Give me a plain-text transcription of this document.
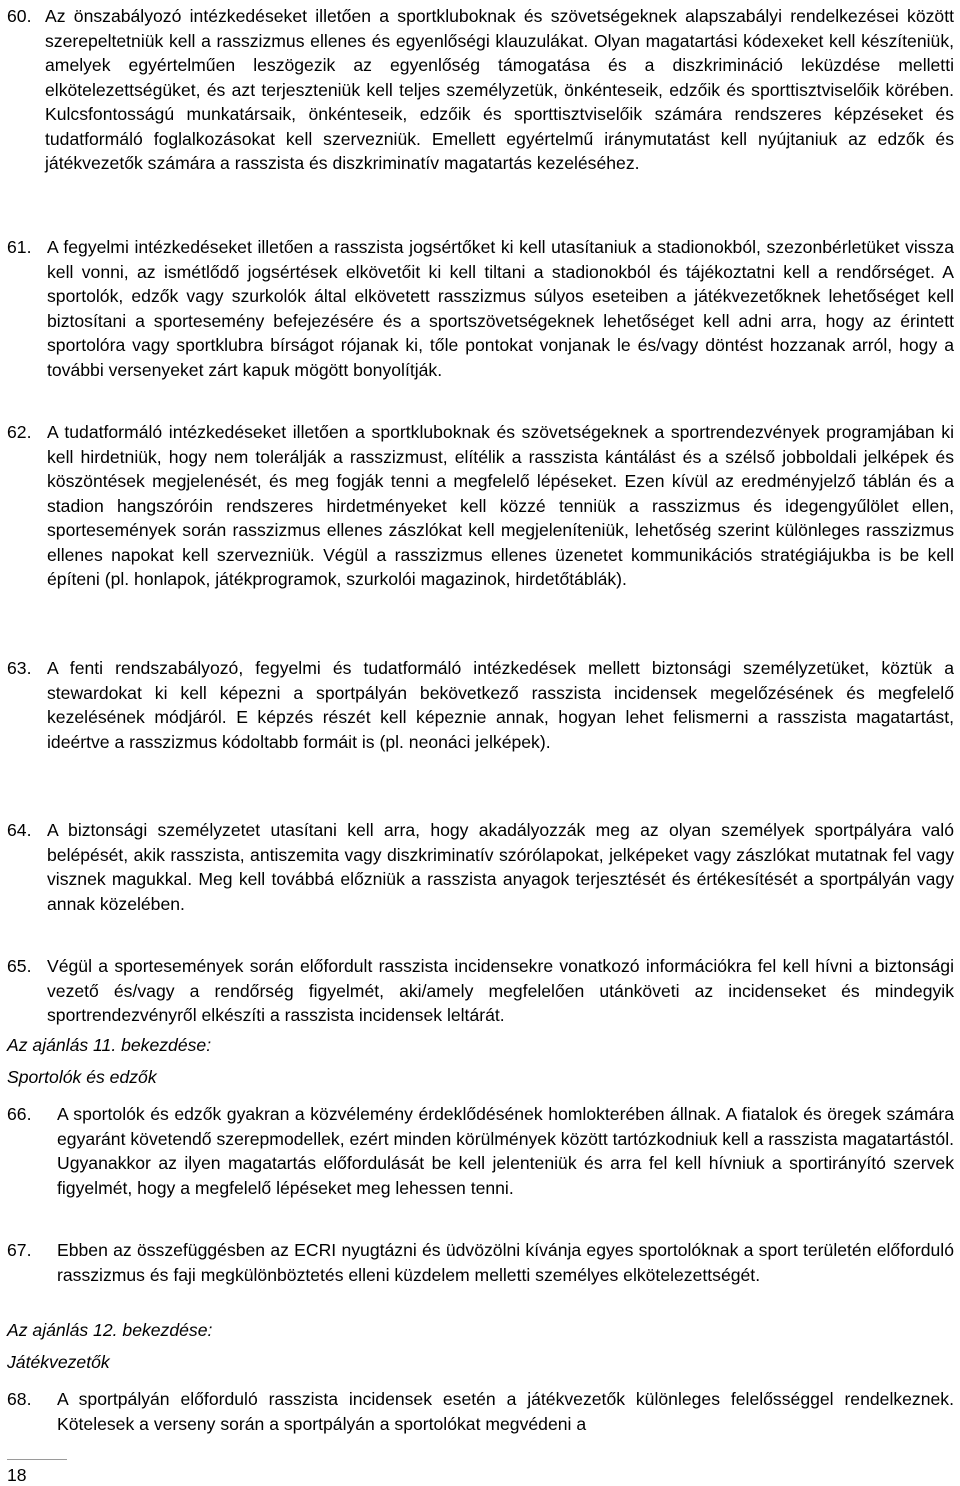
60. Az önszabályozó intézkedéseket illetően a sportkluboknak és szövetségeknek alapszabályi rendelkezései között szerepeltetniük kell a rasszizmus ellenes és egyenlőségi klauzulákat. Olyan magatartási kódexeket kell készíteniük, amelyek egyértelműen leszögezik az egyenlőség támogatása és a diszkrimináció leküzdése melletti elkötelezettségüket, és azt terjeszteniük kell teljes személyzetük, önkénteseik, edzőik és sporttisztviselőik körében. Kulcsfontosságú munkatársaik, önkénteseik, edzőik és sporttisztviselőik számára rendszeres képzéseket és tudatformáló foglalkozásokat kell szervezniük. Emellett egyértelmű iránymutatást kell nyújtaniuk az edzők és játékvezetők számára a rasszista és diszkriminatív magatartás kezeléséhez.
61. A fegyelmi intézkedéseket illetően a rasszista jogsértőket ki kell utasítaniuk a stadionokból, szezonbérletüket vissza kell vonni, az ismétlődő jogsértések elkövetőit ki kell tiltani a stadionokból és tájékoztatni kell a rendőrséget. A sportolók, edzők vagy szurkolók által elkövetett rasszizmus súlyos eseteiben a játékvezetőknek lehetőséget kell biztosítani a sportesemény befejezésére és a sportszövetségeknek lehetőséget kell adni arra, hogy az érintett sportolóra vagy sportklubra bírságot rójanak ki, tőle pontokat vonjanak le és/vagy döntést hozzanak arról, hogy a további versenyeket zárt kapuk mögött bonyolítják.
62. A tudatformáló intézkedéseket illetően a sportkluboknak és szövetségeknek a sportrendezvények programjában ki kell hirdetniük, hogy nem tolerálják a rasszizmust, elítélik a rasszista kántálást és a szélső jobboldali jelképek és köszöntések megjelenését, és meg fogják tenni a megfelelő lépéseket. Ezen kívül az eredményjelző táblán és a stadion hangszóróin rendszeres hirdetményeket kell közzé tenniük a rasszizmus és idegengyűlölet ellen, sportesemények során rasszizmus ellenes zászlókat kell megjeleníteniük, lehetőség szerint különleges rasszizmus ellenes napokat kell szervezniük. Végül a rasszizmus ellenes üzenetet kommunikációs stratégiájukba is be kell építeni (pl. honlapok, játékprogramok, szurkolói magazinok, hirdetőtáblák).
63. A fenti rendszabályozó, fegyelmi és tudatformáló intézkedések mellett biztonsági személyzetüket, köztük a stewardokat ki kell képezni a sportpályán bekövetkező rasszista incidensek megelőzésének és megfelelő kezelésének módjáról. E képzés részét kell képeznie annak, hogyan lehet felismerni a rasszista magatartást, ideértve a rasszizmus kódoltabb formáit is (pl. neonáci jelképek).
64. A biztonsági személyzetet utasítani kell arra, hogy akadályozzák meg az olyan személyek sportpályára való belépését, akik rasszista, antiszemita vagy diszkriminatív szórólapokat, jelképeket vagy zászlókat mutatnak fel vagy visznek magukkal. Meg kell továbbá előzniük a rasszista anyagok terjesztését és értékesítését a sportpályán vagy annak közelében.
65. Végül a sportesemények során előfordult rasszista incidensekre vonatkozó információkra fel kell hívni a biztonsági vezető és/vagy a rendőrség figyelmét, aki/amely megfelelően utánköveti az incidenseket és mindegyik sportrendezvényről elkészíti a rasszista incidensek leltárát.

Az ajánlás 11. bekezdése:

Sportolók és edzők

66. A sportolók és edzők gyakran a közvélemény érdeklődésének homlokterében állnak. A fiatalok és öregek számára egyaránt követendő szerepmodellek, ezért minden körülmények között tartózkodniuk kell a rasszista magatartástól. Ugyanakkor az ilyen magatartás előfordulását be kell jelenteniük és arra fel kell hívniuk a sportirányító szervek figyelmét, hogy a megfelelő lépéseket meg lehessen tenni.
67. Ebben az összefüggésben az ECRI nyugtázni és üdvözölni kívánja egyes sportolóknak a sport területén előforduló rasszizmus és faji megkülönböztetés elleni küzdelem melletti személyes elkötelezettségét.

Az ajánlás 12. bekezdése:

Játékvezetők

68. A sportpályán előforduló rasszista incidensek esetén a játékvezetők különleges felelősséggel rendelkeznek. Kötelesek a verseny során a sportpályán a sportolókat megvédeni a
18
